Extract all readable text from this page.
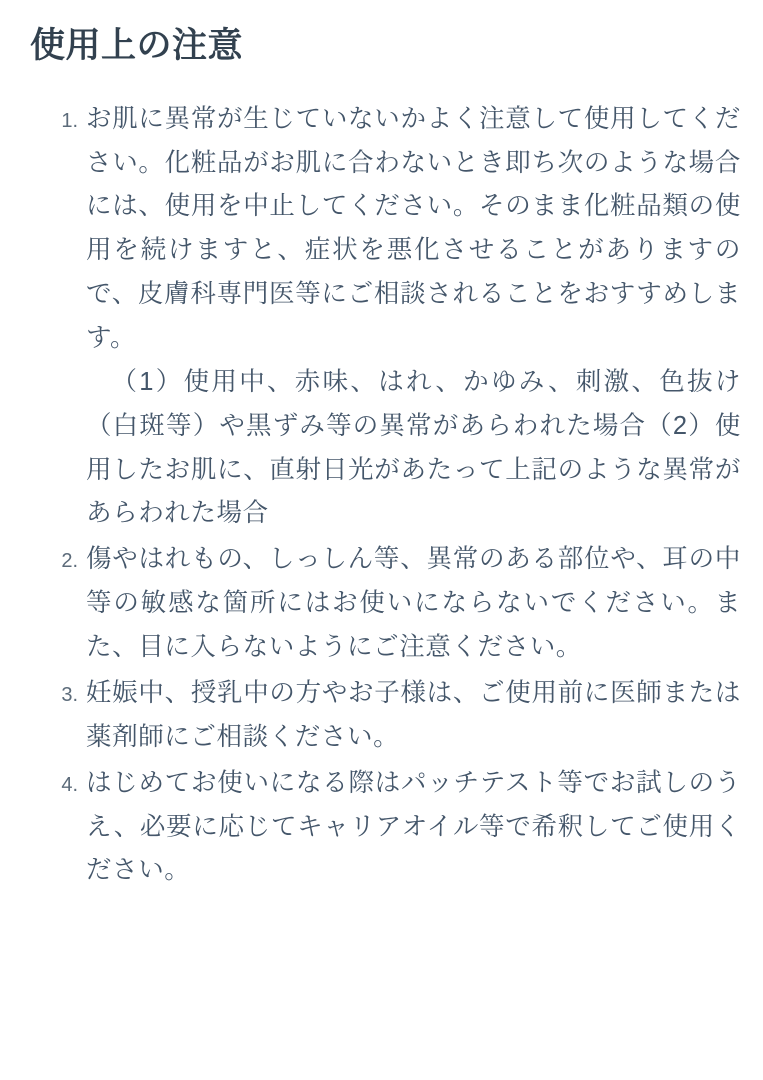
使用上の注意
お肌に異常が生じていないかよく注意して使用してください。化粧品がお肌に合わないとき即ち次のような場合には、使用を中止してください。そのまま化粧品類の使用を続けますと、症状を悪化させることがありますので、皮膚科専門医等にご相談されることをおすすめします。
（1）使用中、赤味、はれ、かゆみ、刺激、色抜け（白斑等）や黒ずみ等の異常があらわれた場合（2）使用したお肌に、直射日光があたって上記のような異常があらわれた場合
傷やはれもの、しっしん等、異常のある部位や、耳の中等の敏感な箇所にはお使いにならないでください。また、目に入らないようにご注意ください。
妊娠中、授乳中の方やお子様は、ご使用前に医師または薬剤師にご相談ください。
はじめてお使いになる際はパッチテスト等でお試しのうえ、必要に応じてキャリアオイル等で希釈してご使用ください。
